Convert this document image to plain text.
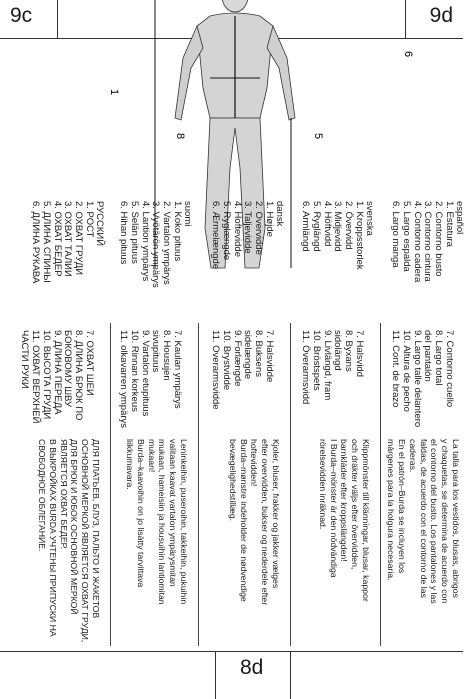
9c	9d
8d
1
5
6
8

español

1. Estatura

2. Contorno busto

3. Contorno cintura

4. Contorno cadera

5. Largo espalda

6. Largo manga

7. Contorno cuello

8. Largo total

del pantalón

9. Largo talle delantero

10. Altura de pecho

11. Cont. de brazo

La talla para los vestidos, blusas, abrigos

y chaquetas, se determina de acuerdo con

el contorno del busto. Los pantalones y las

faldas, de acuerdo con el contorno de las

caderas.

En el patrón–Burda se incluyen los

márgenes para la holgura necesaria.

svenska

1. Kroppsstorlek

2. Övervidd

3. Midjevidd

4. Höftvidd

5. Ryglängd

6. Armlängd

7. Halsvidd

8. Byxans

sidolängd

9. Livlängd, fram

10. Bröstspets

11. Överarmsvidd

Klippmönster till klänningar, blusar, kappor

och dräkter väljs efter övervidden,

barnkläder efter kroppslängden!

I Burda–mönster är den nödvändiga

rörelsevidden inräknad.

dansk

1. Højde

2. Overvidde

3. Taljevidde

4. Hoftevidde

5. Ryglængde

6. Ærmelængde

7. Halsvidde

8. Buksens

sidelængde

9. Forlængde

10. Brystvidde

11. Overarmsvidde

Kjoler, bluser, frakker og jakker vælges

efter overvidden, bukser og nederdele efter

hoftevidden!

Burda–mønstre indeholder de nødvendige

bevægelighedstillæg.

suomi

1. Koko pituus

2. Vartalon ympärys

3. Vyötärön ympärys

4. Lantion ympärys

5. Selän pituus

6. Hihan pituus

7. Kaulan ympärys

8. Housujen

sivupituus

9. Vartalon etupituus

10. Rinnan korkeus

11. olkavarren ympärys

Leninkeihin, puseroihin, takkeihin, pukuihin

valitaan kaavat vartalon ympärysmitan

mukaan, hameisiin ja housuihin lantiomitan

mukaan!

Burda–kaavoihin on jo lisätty tarvittava

liikkumavara.

РУССКИЙ

1. РОСТ

2. ОХВАТ ГРУДИ

3. ОХВАТ ТАЛИИ

4. ОХВАТ БЕДЕР

5. ДЛИНА СПИНЫ

6. ДЛИНА РУКАВА

7. ОХВАТ ШЕИ

8. ДЛИНА БРЮК ПО

БОКОВОМУ ШВУ

9. ДЛИНА ПЕРЕДА

10. ВЫСОТА ГРУДИ

11. ОХВАТ ВЕРХНЕЙ

ЧАСТИ РУКИ

ДЛЯ ПЛАТЬЕВ, БЛУЗ, ПАЛЬТО И ЖАКЕТОВ

ОСНОВНОЙ МЕРКОЙ ЯВЛЯЕТСЯ ОХВАТ ГРУДИ,

ДЛЯ БРЮК И ЮБОК ОСНОВНОЙ МЕРКОЙ

ЯВЛЯЕТСЯ ОХВАТ БЕДЕР.

В ВЫКРОЙКАХ BURDA УЧТЕНЫ ПРИПУСКИ НА

СВОБОДНОЕ ОБЛЕГАНИЕ.
